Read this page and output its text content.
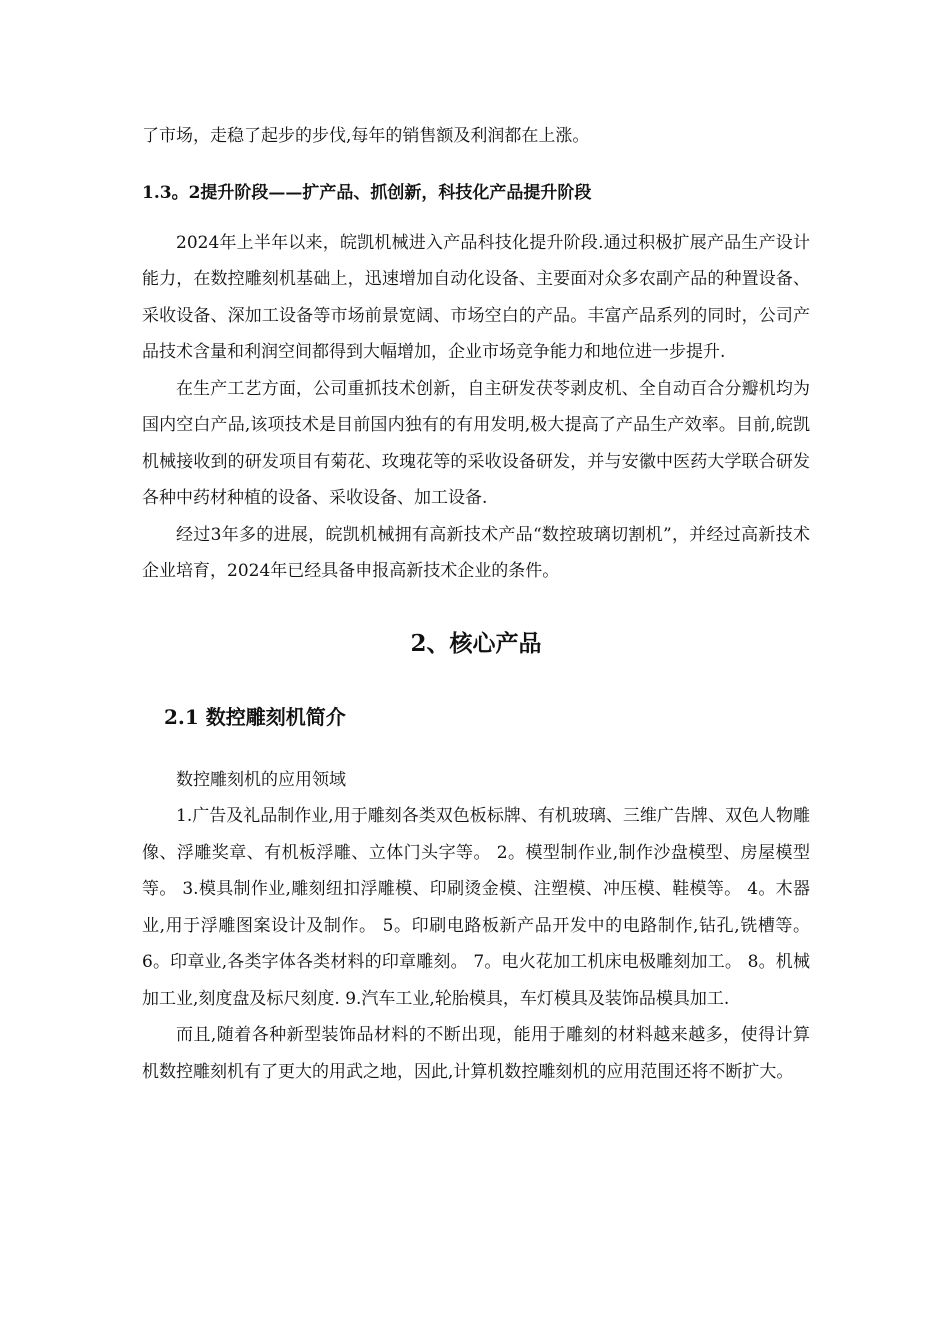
了市场，走稳了起步的步伐,每年的销售额及利润都在上涨。

1.3。2提升阶段——扩产品、抓创新，科技化产品提升阶段

2024年上半年以来，皖凯机械进入产品科技化提升阶段.通过积极扩展产品生产设计能力，在数控雕刻机基础上，迅速增加自动化设备、主要面对众多农副产品的种置设备、采收设备、深加工设备等市场前景宽阔、市场空白的产品。丰富产品系列的同时，公司产品技术含量和利润空间都得到大幅增加，企业市场竞争能力和地位进一步提升.

在生产工艺方面，公司重抓技术创新，自主研发茯苓剥皮机、全自动百合分瓣机均为国内空白产品,该项技术是目前国内独有的有用发明,极大提高了产品生产效率。目前,皖凯机械接收到的研发项目有菊花、玫瑰花等的采收设备研发，并与安徽中医药大学联合研发各种中药材种植的设备、采收设备、加工设备.

经过3年多的进展，皖凯机械拥有高新技术产品“数控玻璃切割机”，并经过高新技术企业培育，2024年已经具备申报高新技术企业的条件。

2、核心产品
2.1 数控雕刻机简介

数控雕刻机的应用领域

1.广告及礼品制作业,用于雕刻各类双色板标牌、有机玻璃、三维广告牌、双色人物雕像、浮雕奖章、有机板浮雕、立体门头字等。 2。模型制作业,制作沙盘模型、房屋模型等。 3.模具制作业,雕刻纽扣浮雕模、印刷烫金模、注塑模、冲压模、鞋模等。 4。木器业,用于浮雕图案设计及制作。 5。印刷电路板新产品开发中的电路制作,钻孔,铣槽等。 6。印章业,各类字体各类材料的印章雕刻。 7。电火花加工机床电极雕刻加工。 8。机械加工业,刻度盘及标尺刻度. 9.汽车工业,轮胎模具，车灯模具及装饰品模具加工.

而且,随着各种新型装饰品材料的不断出现，能用于雕刻的材料越来越多，使得计算机数控雕刻机有了更大的用武之地，因此,计算机数控雕刻机的应用范围还将不断扩大。
